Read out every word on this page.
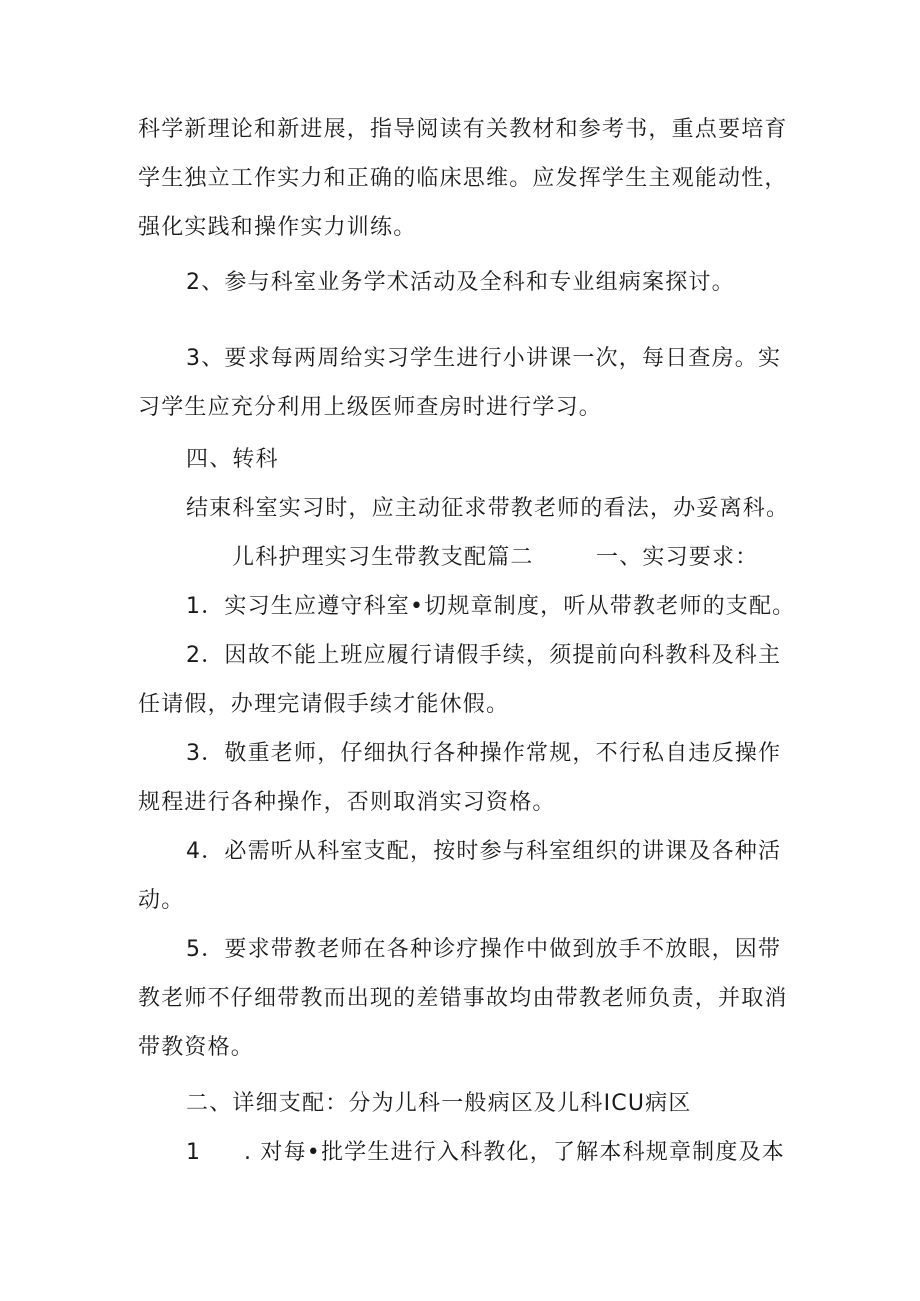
科学新理论和新进展，指导阅读有关教材和参考书，重点要培育
学生独立工作实力和正确的临床思维。应发挥学生主观能动性，
强化实践和操作实力训练。
2、参与科室业务学术活动及全科和专业组病案探讨。
3、要求每两周给实习学生进行小讲课一次，每日查房。实
习学生应充分利用上级医师查房时进行学习。
四、转科
结束科室实习时，应主动征求带教老师的看法，办妥离科。
儿科护理实习生带教支配篇二	一、实习要求：
1．实习生应遵守科室•切规章制度，听从带教老师的支配。
2．因故不能上班应履行请假手续，须提前向科教科及科主
任请假，办理完请假手续才能休假。
3．敬重老师，仔细执行各种操作常规，不行私自违反操作
规程进行各种操作，否则取消实习资格。
4．必需听从科室支配，按时参与科室组织的讲课及各种活
动。
5．要求带教老师在各种诊疗操作中做到放手不放眼，因带
教老师不仔细带教而出现的差错事故均由带教老师负责，并取消
带教资格。
二、详细支配：分为儿科一般病区及儿科ICU病区
1 . 对每•批学生进行入科教化，了解本科规章制度及本
